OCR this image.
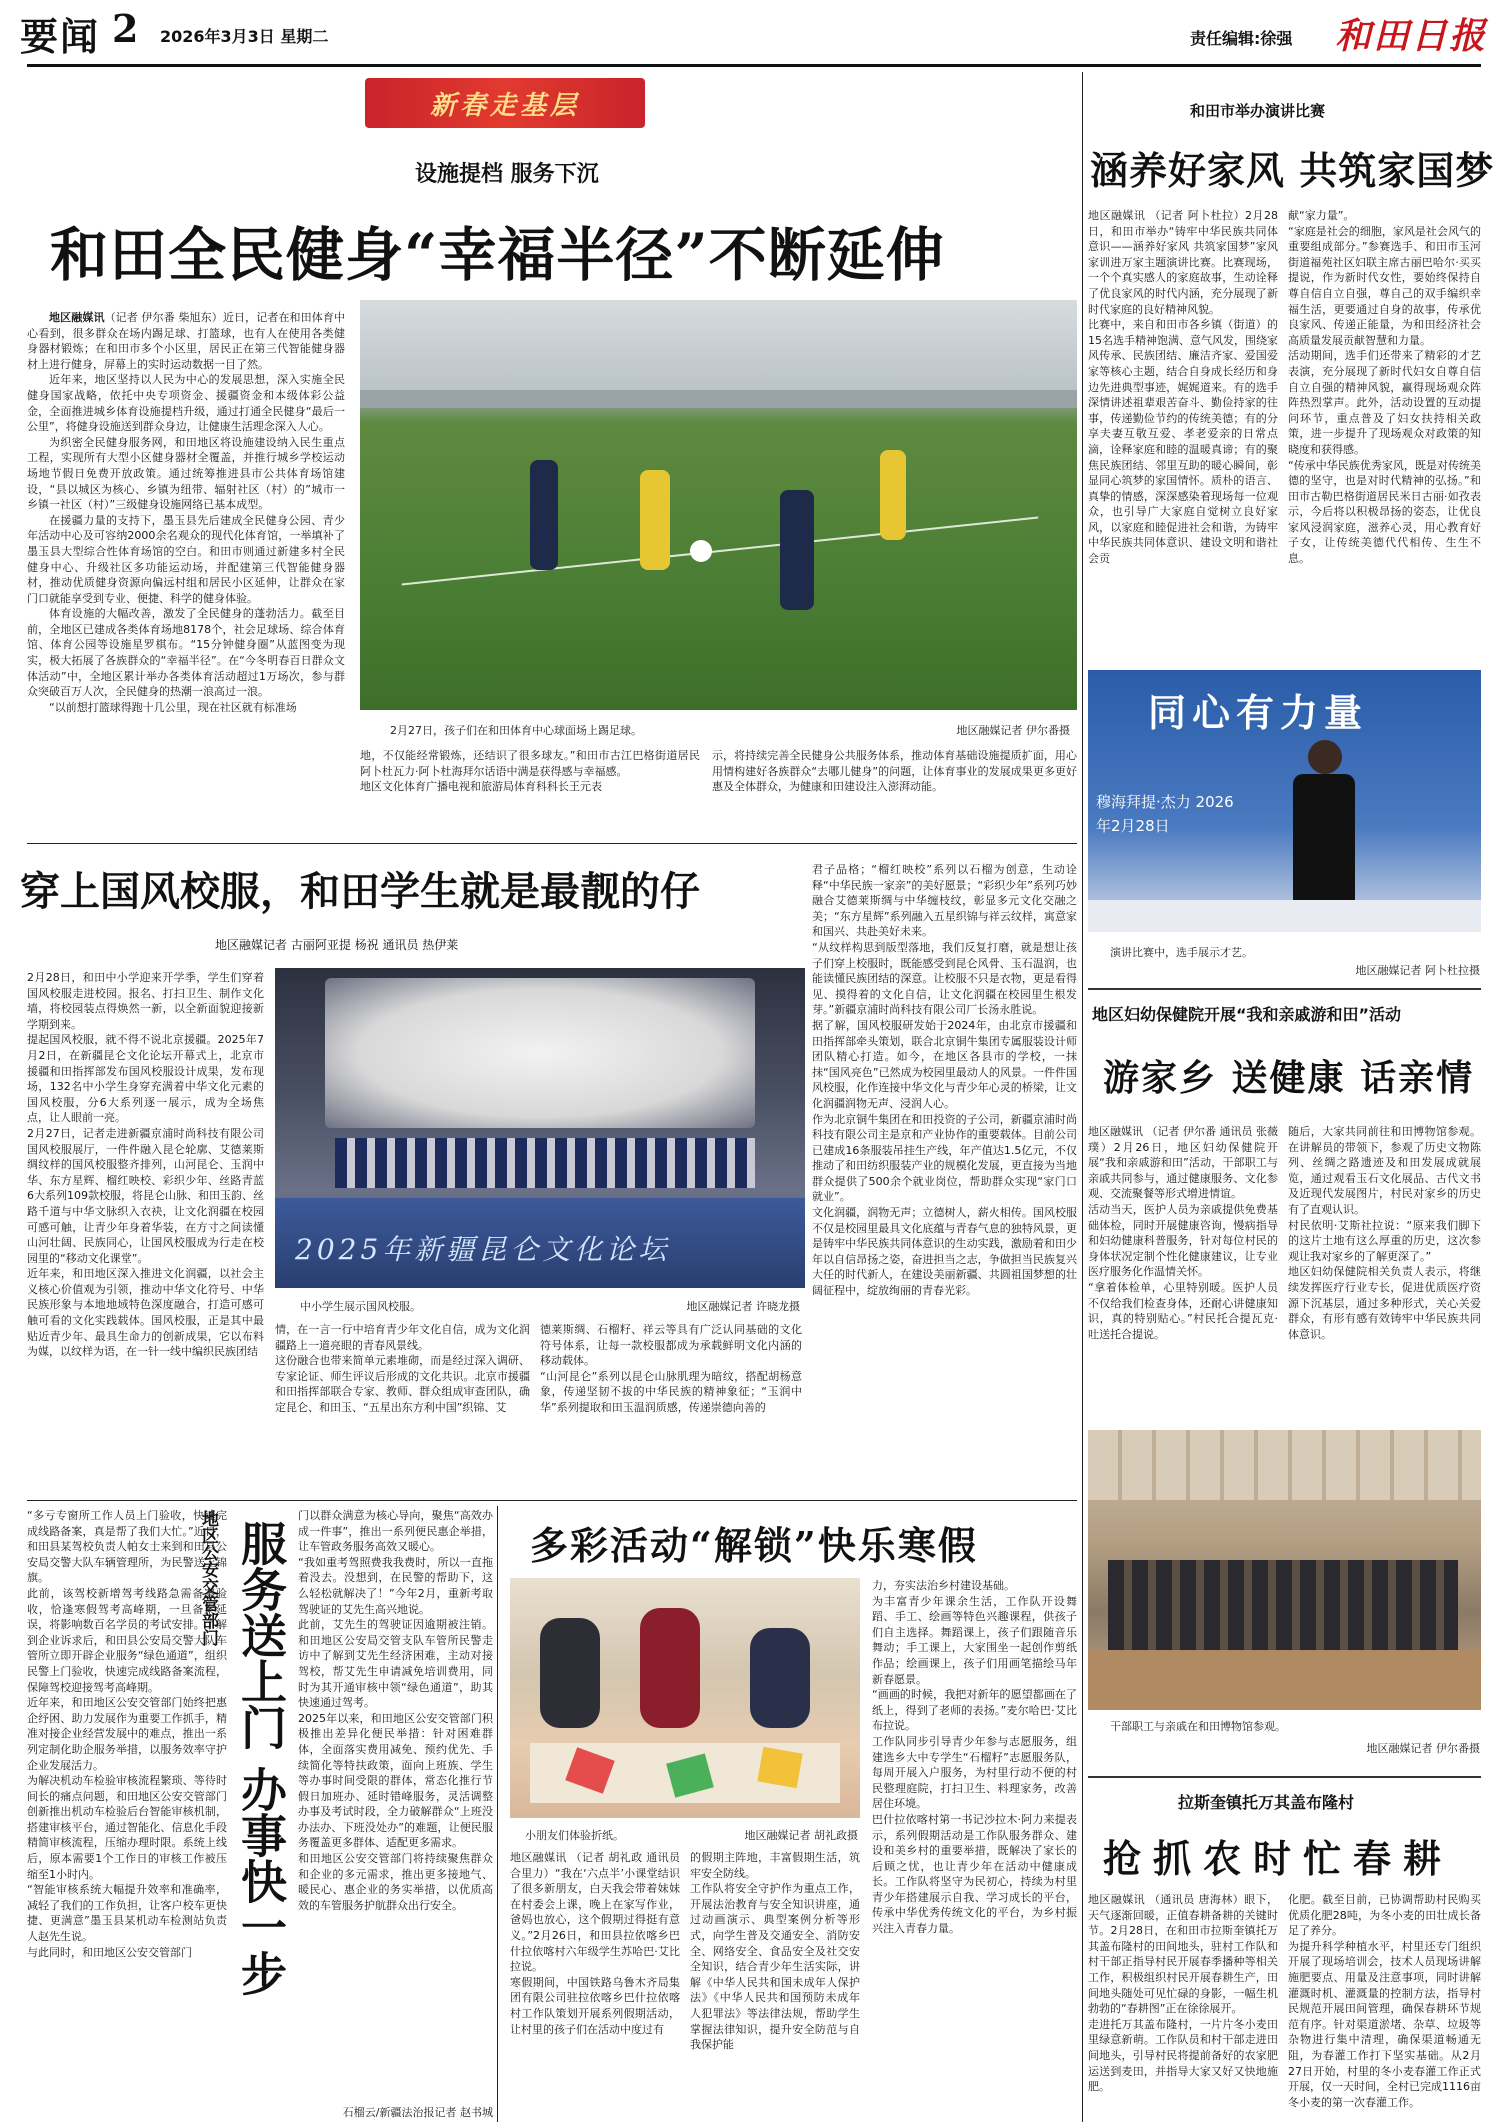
要闻 2 2026年3月3日 星期二	责任编辑:徐强 和田日报
新春走基层
设施提档 服务下沉
和田全民健身“幸福半径”不断延伸

地区融媒讯（记者 伊尔番 柴旭东）近日，记者在和田体育中心看到，很多群众在场内踢足球、打篮球，也有人在使用各类健身器材锻炼；在和田市多个小区里，居民正在第三代智能健身器材上进行健身，屏幕上的实时运动数据一目了然。

近年来，地区坚持以人民为中心的发展思想，深入实施全民健身国家战略，依托中央专项资金、援疆资金和本级体彩公益金，全面推进城乡体育设施提档升级，通过打通全民健身“最后一公里”，将健身设施送到群众身边，让健康生活理念深入人心。

为织密全民健身服务网，和田地区将设施建设纳入民生重点工程，实现所有大型小区健身器材全覆盖，并推行城乡学校运动场地节假日免费开放政策。通过统筹推进县市公共体育场馆建设，“县以城区为核心、乡镇为纽带、辐射社区（村）的”城市一乡镇一社区（村）”三级健身设施网络已基本成型。

在援疆力量的支持下，墨玉县先后建成全民健身公园、青少年活动中心及可容纳2000余名观众的现代化体育馆，一举填补了墨玉县大型综合性体育场馆的空白。和田市则通过新建多村全民健身中心、升级社区多功能运动场，并配建第三代智能健身器材，推动优质健身资源向偏远村组和居民小区延伸，让群众在家门口就能享受到专业、便捷、科学的健身体验。

体育设施的大幅改善，激发了全民健身的蓬勃活力。截至目前，全地区已建成各类体育场地8178个，社会足球场、综合体育馆、体育公园等设施星罗棋布。“15分钟健身圈”从蓝图变为现实，极大拓展了各族群众的“幸福半径”。在“今冬明春百日群众文体活动”中，全地区累计举办各类体育活动超过1万场次，参与群众突破百万人次，全民健身的热潮一浪高过一浪。

“以前想打篮球得跑十几公里，现在社区就有标准场

2月27日，孩子们在和田体育中心球面场上踢足球。	地区融媒记者 伊尔番摄
地，不仅能经常锻炼，还结识了很多球友。”和田市古江巴格街道居民阿卜杜瓦力·阿卜杜海拜尔话语中满是获得感与幸福感。
地区文化体育广播电视和旅游局体育科科长王元表
示，将持续完善全民健身公共服务体系，推动体育基础设施提质扩面，用心用情构建好各族群众“去哪儿健身”的问题，让体育事业的发展成果更多更好惠及全体群众，为健康和田建设注入澎湃动能。
穿上国风校服，和田学生就是最靓的仔
地区融媒记者 古丽阿亚提 杨祝 通讯员 热伊莱
2月28日，和田中小学迎来开学季，学生们穿着国风校服走进校园。报名、打扫卫生、制作文化墙，将校园装点得焕然一新，以全新面貌迎接新学期到来。
提起国风校服，就不得不说北京援疆。2025年7月2日，在新疆昆仑文化论坛开幕式上，北京市援疆和田指挥部发布国风校服设计成果，发布现场，132名中小学生身穿充满着中华文化元素的国风校服，分6大系列逐一展示，成为全场焦点，让人眼前一亮。
2月27日，记者走进新疆京浦时尚科技有限公司国风校服展厅，一件件融入昆仑轮廓、艾德莱斯绸纹样的国风校服整齐排列，山河昆仑、玉润中华、东方星辉、榴红映校、彩织少年、丝路青蓝6大系列109款校服，将昆仑山脉、和田玉韵、丝路千道与中华文脉织入衣袂，让文化润疆在校园可感可触，让青少年身着华装，在方寸之间读懂山河壮阔、民族同心，让国风校服成为行走在校园里的“移动文化课堂”。
近年来，和田地区深入推进文化润疆，以社会主义核心价值观为引领，推动中华文化符号、中华民族形象与本地地域特色深度融合，打造可感可触可看的文化实践载体。国风校服，正是其中最贴近青少年、最具生命力的创新成果，它以布料为媒，以纹样为语，在一针一线中编织民族团结
2025年新疆昆仑文化论坛
中小学生展示国风校服。	地区融媒记者 许晓龙摄
情，在一言一行中培育青少年文化自信，成为文化润疆路上一道亮眼的青春风景线。
这份融合也带来简单元素堆砌，而是经过深入调研、专家论证、师生评议后形成的文化共识。北京市援疆和田指挥部联合专家、教师、群众组成审查团队，确定昆仑、和田玉、“五星出东方利中国”织锦、艾
德莱斯绸、石榴籽、祥云等具有广泛认同基础的文化符号体系，让每一款校服都成为承载鲜明文化内涵的移动载体。
“山河昆仑”系列以昆仑山脉肌理为暗纹，搭配胡杨意象，传递坚韧不拔的中华民族的精神象征；“玉润中华”系列提取和田玉温润质感，传递崇德向善的
君子品格；“榴红映校”系列以石榴为创意，生动诠释“中华民族一家亲”的美好愿景；“彩织少年”系列巧妙融合艾德莱斯绸与中华缠枝纹，彰显多元文化交融之美；“东方星辉”系列融入五星织锦与祥云纹样，寓意家和国兴、共赴美好未来。
“从纹样构思到版型落地，我们反复打磨，就是想让孩子们穿上校服时，既能感受到昆仑风骨、玉石温润，也能读懂民族团结的深意。让校服不只是衣物，更是看得见、摸得着的文化自信，让文化润疆在校园里生根发芽。”新疆京浦时尚科技有限公司厂长汤永胜说。
据了解，国风校服研发始于2024年，由北京市援疆和田指挥部牵头策划，联合北京铜牛集团专属服装设计师团队精心打造。如今，在地区各县市的学校，一抹抹“国风亮色”已然成为校园里最动人的风景。一件件国风校服，化作连接中华文化与青少年心灵的桥梁，让文化润疆润物无声、浸润人心。
作为北京铜牛集团在和田投资的子公司，新疆京浦时尚科技有限公司主是京和产业协作的重要载体。目前公司已建成16条服装吊挂生产线，年产值达1.5亿元，不仅推动了和田纺织服装产业的规模化发展，更直接为当地群众提供了500余个就业岗位，帮助群众实现“家门口就业”。
文化润疆，润物无声；立德树人，薪火相传。国风校服不仅是校园里最具文化底蕴与青春气息的独特风景，更是铸牢中华民族共同体意识的生动实践，激励着和田少年以自信昂扬之姿，奋进担当之志，争做担当民族复兴大任的时代新人，在建设美丽新疆、共圆祖国梦想的壮阔征程中，绽放绚丽的青春光彩。
“多亏专窗所工作人员上门验收，快速完成线路备案，真是帮了我们大忙。”近日，和田县某驾校负责人帕女士来到和田县公安局交警大队车辆管理所，为民警送上锦旗。
此前，该驾校新增驾考线路急需备案验收，恰逢寒假驾考高峰期，一旦备案延误，将影响数百名学员的考试安排。了解到企业诉求后，和田县公安局交警大队车管所立即开辟企业服务“绿色通道”，组织民警上门验收，快速完成线路备案流程，保障驾校迎接驾考高峰期。
近年来，和田地区公安交管部门始终把惠企纾困、助力发展作为重要工作抓手，精准对接企业经营发展中的难点，推出一系列定制化助企服务举措，以服务效率守护企业发展活力。
为解决机动车检验审核流程繁琐、等待时间长的痛点问题，和田地区公安交管部门创新推出机动车检验后台智能审核机制，搭建审核平台，通过智能化、信息化手段精简审核流程，压缩办理时限。系统上线后，原本需要1个工作日的审核工作被压缩至1小时内。
“智能审核系统大幅提升效率和准确率，减轻了我们的工作负担，让客户校车更快捷、更满意”墨玉县某机动车检测站负责人赵先生说。
与此同时，和田地区公安交管部门
地区公安交管部门 服务送上门 办事快一步
门以群众满意为核心导向，聚焦“高效办成一件事”，推出一系列便民惠企举措，让车管政务服务高效又暖心。
“我如重考驾照费我我费时，所以一直拖着没去。没想到，在民警的帮助下，这么轻松就解决了！”今年2月，重新考取驾驶证的艾先生高兴地说。
此前，艾先生的驾驶证因逾期被注销。和田地区公安局交管支队车管所民警走访中了解到艾先生经济困难，主动对接驾校，帮艾先生申请减免培训费用，同时为其开通审核中领“绿色通道”，助其快速通过驾考。
2025年以来，和田地区公安交管部门积极推出差异化便民举措：针对困难群体，全面落实费用减免、预约优先、手续简化等特扶政策，面向上班族、学生等办事时间受限的群体，常态化推行节假日加班办、延时错峰服务，灵活调整办事及考试时段，全力破解群众“上班没办法办、下班没处办”的难题，让便民服务覆盖更多群体、适配更多需求。
和田地区公安交管部门将持续聚焦群众和企业的多元需求，推出更多接地气、暖民心、惠企业的务实举措，以优质高效的车管服务护航群众出行安全。
石榴云/新疆法治报记者 赵书城
多彩活动“解锁”快乐寒假
小朋友们体验折纸。	地区融媒记者 胡礼政摄
地区融媒讯 （记者 胡礼政 通讯员 合里力）“我在‘六点半’小课堂结识了很多新朋友，白天我会带着妹妹在村委会上课，晚上在家写作业，爸妈也放心，这个假期过得挺有意义。”2月26日，和田县拉依喀乡巴什拉依喀村六年级学生苏哈巴·艾比拉说。
寒假期间，中国铁路乌鲁木齐局集团有限公司驻拉依喀乡巴什拉依喀村工作队策划开展系列假期活动，让村里的孩子们在活动中度过有
的假期主阵地，丰富假期生活，筑牢安全防线。
工作队将安全守护作为重点工作，开展法治教育与安全知识讲座，通过动画演示、典型案例分析等形式，向学生普及交通安全、消防安全、网络安全、食品安全及社交安全知识，结合青少年生活实际，讲解《中华人民共和国未成年人保护法》《中华人民共和国预防未成年人犯罪法》等法律法规，帮助学生掌握法律知识，提升安全防范与自我保护能
力，夯实法治乡村建设基础。
为丰富青少年课余生活，工作队开设舞蹈、手工、绘画等特色兴趣课程，供孩子们自主选择。舞蹈课上，孩子们跟随音乐舞动；手工课上，大家围坐一起创作剪纸作品；绘画课上，孩子们用画笔描绘马年新春愿景。
“画画的时候，我把对新年的愿望都画在了纸上，得到了老师的表扬。”麦尔哈巴·艾比布拉说。
工作队同步引导青少年参与志愿服务，组建选乡大中专学生“石榴籽”志愿服务队，每周开展入户服务，为村里行动不便的村民整理庭院，打扫卫生、料理家务，改善居住环境。
巴什拉依喀村第一书记沙拉木·阿力来提表示，系列假期活动是工作队服务群众、建设和美乡村的重要举措，既解决了家长的后顾之忧，也让青少年在活动中健康成长。工作队将坚守为民初心，持续为村里青少年搭建展示自我、学习成长的平台，传承中华优秀传统文化的平台，为乡村振兴注入青春力量。
和田市举办演讲比赛
涵养好家风 共筑家国梦
地区融媒讯 （记者 阿卜杜拉）2月28日，和田市举办“铸牢中华民族共同体意识——涵养好家风 共筑家国梦”家风家训进万家主题演讲比赛。比赛现场，一个个真实感人的家庭故事，生动诠释了优良家风的时代内涵，充分展现了新时代家庭的良好精神风貌。
比赛中，来自和田市各乡镇（街道）的15名选手精神饱满、意气风发，围绕家风传承、民族团结、廉洁齐家、爱国爱家等核心主题，结合自身成长经历和身边先进典型事迹，娓娓道来。有的选手深情讲述祖辈艰苦奋斗、勤俭持家的往事，传递勤俭节约的传统美德；有的分享夫妻互敬互爱、孝老爱亲的日常点滴，诠释家庭和睦的温暖真谛；有的聚焦民族团结、邻里互助的暖心瞬间，彰显同心筑梦的家国情怀。质朴的语言、真挚的情感，深深感染着现场每一位观众，也引导广大家庭自觉树立良好家风，以家庭和睦促进社会和谐，为铸牢中华民族共同体意识、建设文明和谐社会贡
献“家力量”。
“家庭是社会的细胞，家风是社会风气的重要组成部分。”参赛选手、和田市玉河街道福苑社区妇联主席古丽巴哈尔·买买提说，作为新时代女性，要始终保持自尊自信自立自强，尊自己的双手编织幸福生活，更要通过自身的故事，传承优良家风、传递正能量，为和田经济社会高质量发展贡献智慧和力量。
活动期间，选手们还带来了精彩的才艺表演，充分展现了新时代妇女自尊自信自立自强的精神风貌，赢得现场观众阵阵热烈掌声。此外，活动设置的互动提问环节，重点普及了妇女扶持相关政策，进一步提升了现场观众对政策的知晓度和获得感。
“传承中华民族优秀家风，既是对传统美德的坚守，也是对时代精神的弘扬。”和田市古勒巴格街道居民米日古丽·如孜表示，今后将以积极昂扬的姿态，让优良家风浸润家庭，滋养心灵，用心教育好子女，让传统美德代代相传、生生不息。
同心有力量
穆海拜提·杰力 2026年2月28日
演讲比赛中，选手展示才艺。
地区融媒记者 阿卜杜拉摄
地区妇幼保健院开展“我和亲戚游和田”活动
游家乡 送健康 话亲情
地区融媒讯 （记者 伊尔番 通讯员 张薇璞）2月26日，地区妇幼保健院开展“我和亲戚游和田”活动，干部职工与亲戚共同参与，通过健康服务、文化参观、交流聚餐等形式增进情谊。
活动当天，医护人员为亲戚提供免费基础体检，同时开展健康咨询，慢病指导和妇幼健康科普服务，针对每位村民的身体状况定制个性化健康建议，让专业医疗服务化作温情关怀。
“拿着体检单，心里特别暖。医护人员不仅给我们检查身体，还耐心讲健康知识，真的特别贴心。”村民托合提瓦克·吐送托合提说。
随后，大家共同前往和田博物馆参观。在讲解员的带领下，参观了历史文物陈列、丝绸之路遗迹及和田发展成就展览，通过观看玉石文化展品、古代文书及近现代发展图片，村民对家乡的历史有了直观认识。
村民依明·艾斯社拉说：“原来我们脚下的这片土地有这么厚重的历史，这次参观让我对家乡的了解更深了。”
地区妇幼保健院相关负责人表示，将继续发挥医疗行业专长，促进优质医疗资源下沉基层，通过多种形式，关心关爱群众，有形有感有效铸牢中华民族共同体意识。
干部职工与亲戚在和田博物馆参观。
地区融媒记者 伊尔番摄
拉斯奎镇托万其盖布隆村
抢抓农时忙春耕
地区融媒讯 （通讯员 唐海林）眼下，天气逐渐回暖，正值春耕备耕的关键时节。2月28日，在和田市拉斯奎镇托万其盖布隆村的田间地头，驻村工作队和村干部正指导村民开展春季播种等相关工作，积极组织村民开展春耕生产，田间地头随处可见忙碌的身影，一幅生机勃勃的“春耕图”正在徐徐展开。
走进托万其盖布隆村，一片片冬小麦田里绿意新萌。工作队员和村干部走进田间地头，引导村民将提前备好的农家肥运送到麦田，并指导大家又好又快地施肥。
化肥。截至目前，已协调帮助村民购买优质化肥28吨，为冬小麦的田壮成长备足了养分。
为提升科学种植水平，村里还专门组织开展了现场培训会，技术人员现场讲解施肥要点、用量及注意事项，同时讲解灌溉时机、灌溉量的控制方法，指导村民规范开展田间管理，确保春耕环节规范有序。针对渠道淤堵、杂草、垃圾等杂物进行集中清理，确保渠道畅通无阻，为春灌工作打下坚实基础。从2月27日开始，村里的冬小麦春灌工作正式开展，仅一天时间，全村已完成1116亩冬小麦的第一次春灌工作。
